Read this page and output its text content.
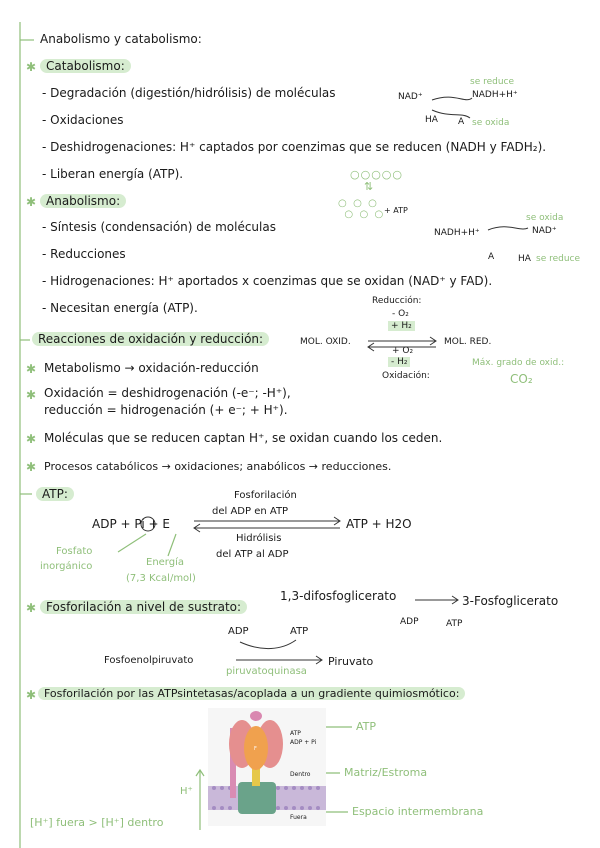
Anabolismo y catabolismo:
✱ Catabolismo:
- Degradación (digestión/hidrólisis) de moléculas
- Oxidaciones
- Deshidrogenaciones: H⁺ captados por coenzimas que se reducen (NADH y FADH₂).
- Liberan energía (ATP).
se reduce
NAD⁺	NADH+H⁺
HA A se oxida
✱ Anabolismo:
- Síntesis (condensación) de moléculas
- Reducciones
- Hidrogenaciones: H⁺ aportados x coenzimas que se oxidan (NAD⁺ y FAD).
- Necesitan energía (ATP).
○○○○○
⇅
○  ○  ○
○  ○  ○ + ATP
se oxida
NADH+H⁺	NAD⁺
A	HA se reduce
Reacciones de oxidación y reducción:
Reducción:
- O₂
+ H₂
MOL. OXID.	MOL. RED.
+ O₂
- H₂
Oxidación:
Máx. grado de oxid.:
CO₂
✱ Metabolismo → oxidación-reducción
✱ Oxidación = deshidrogenación (-e⁻; -H⁺),
reducción = hidrogenación (+ e⁻; + H⁺).
✱ Moléculas que se reducen captan H⁺, se oxidan cuando los ceden.
✱ Procesos catabólicos → oxidaciones; anabólicos → reducciones.
ATP:	Fosforilación
del ADP en ATP
ADP + Pi + E	ATP + H2O
Hidrólisis
del ATP al ADP
Fosfato
inorgánico	Energía
(7,3 Kcal/mol)
✱ Fosforilación a nivel de sustrato:
1,3-difosfoglicerato	3-Fosfoglicerato
ADP	ATP
ADP	ATP
Fosfoenolpiruvato
piruvatoquinasa
Piruvato
✱ Fosforilación por las ATPsintetasas/acoplada a un gradiente quimiosmótico:
F
ATP
ADP + Pi
Dentro
Fuera
ATP
Matriz/Estroma
Espacio intermembrana
H⁺
[H⁺] fuera > [H⁺] dentro
